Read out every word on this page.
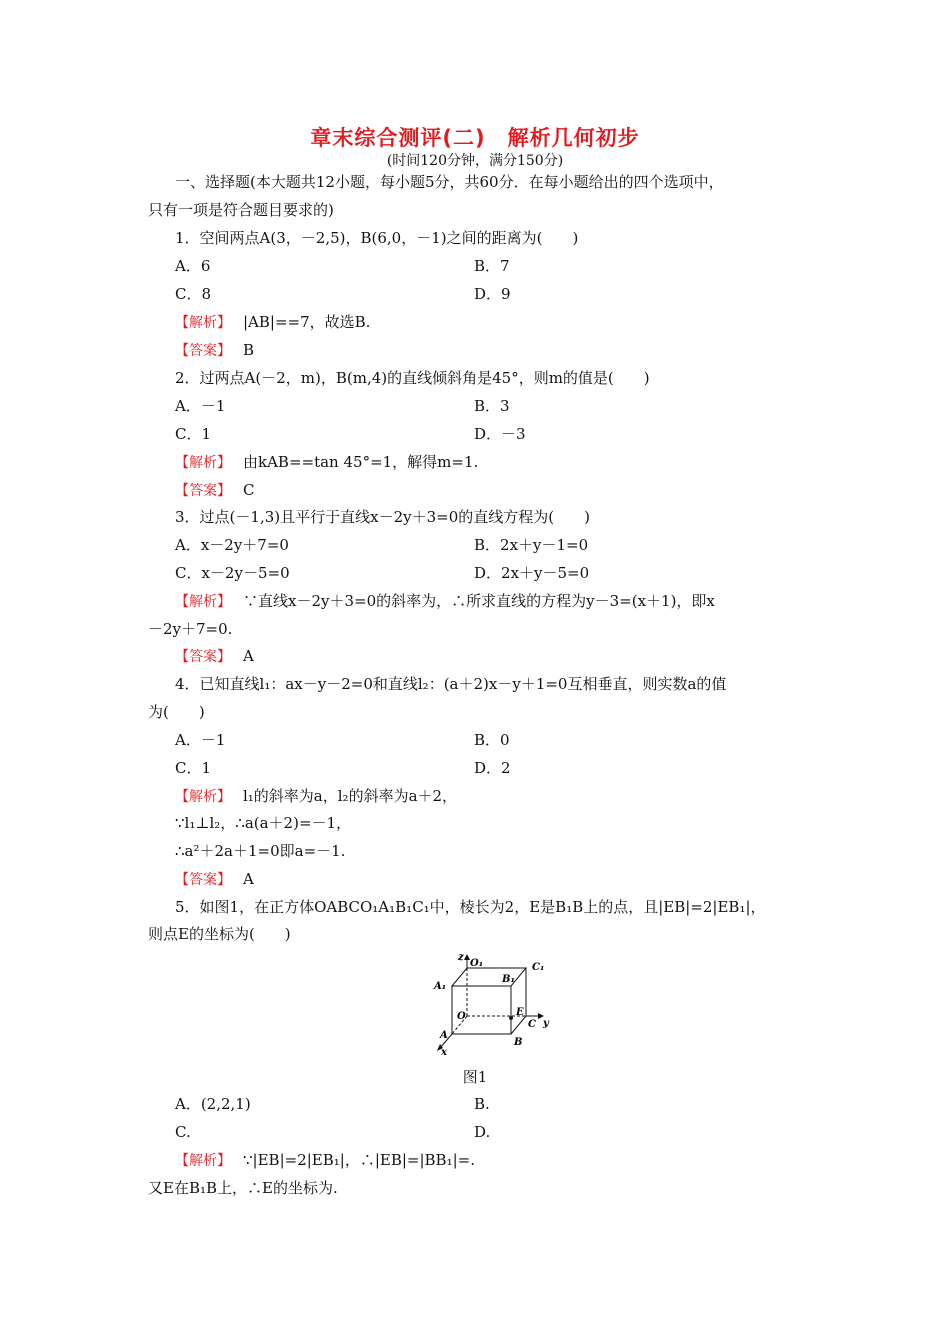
章末综合测评(二)　解析几何初步
(时间120分钟，满分150分)
一、选择题(本大题共12小题，每小题5分，共60分．在每小题给出的四个选项中，
只有一项是符合题目要求的)
1．空间两点A(3，－2,5)，B(6,0，－1)之间的距离为(　　)
A．6	B．7
C．8	D．9
【解析】 |AB|==7，故选B.
【答案】 B
2．过两点A(－2，m)，B(m,4)的直线倾斜角是45°，则m的值是(　　)
A．－1	B．3
C．1	D．－3
【解析】 由kAB==tan 45°=1，解得m=1.
【答案】 C
3．过点(－1,3)且平行于直线x－2y＋3=0的直线方程为(　　)
A．x－2y＋7=0	B．2x＋y－1=0
C．x－2y－5=0	D．2x＋y－5=0
【解析】 ∵直线x－2y＋3=0的斜率为，∴所求直线的方程为y－3=(x＋1)，即x
－2y＋7=0.
【答案】 A
4．已知直线l₁：ax－y－2=0和直线l₂：(a＋2)x－y＋1=0互相垂直，则实数a的值
为(　　)
A．－1	B．0
C．1	D．2
【解析】 l₁的斜率为a，l₂的斜率为a＋2，
∵l₁⊥l₂，∴a(a＋2)=－1，
∴a²＋2a＋1=0即a=－1.
【答案】 A
5．如图1，在正方体OABCO₁A₁B₁C₁中，棱长为2，E是B₁B上的点，且|EB|=2|EB₁|，
则点E的坐标为(　　)
z
O₁	C₁
A₁
B₁
O	E
C y
A
B
x
图1
A．(2,2,1)	B.
C.	D.
【解析】 ∵|EB|=2|EB₁|，∴|EB|=|BB₁|=.
又E在B₁B上，∴E的坐标为.
